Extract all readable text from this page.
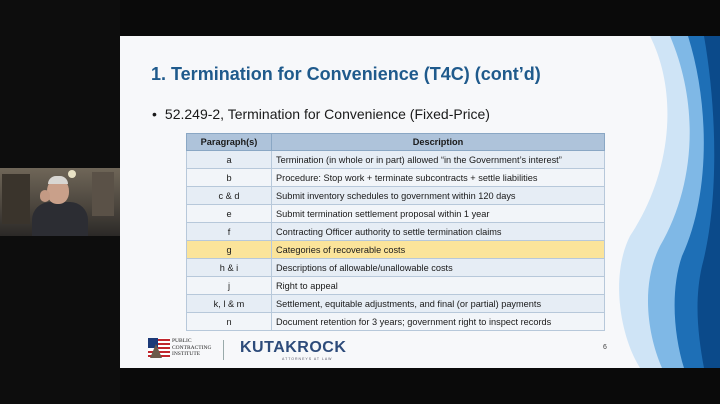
1. Termination for Convenience (T4C) (cont’d)
• 52.249-2, Termination for Convenience (Fixed-Price)
Paragraph(s)	Description
a	Termination (in whole or in part) allowed “in the Government’s interest”
b	Procedure: Stop work + terminate subcontracts + settle liabilities
c & d	Submit inventory schedules to government within 120 days
e	Submit termination settlement proposal within 1 year
f	Contracting Officer authority to settle termination claims
g	Categories of recoverable costs
h & i	Descriptions of allowable/unallowable costs
j	Right to appeal
k, l & m	Settlement, equitable adjustments, and final (or partial) payments
n	Document retention for 3 years; government right to inspect records
PUBLIC
CONTRACTING
INSTITUTE	KUTAKROCK
ATTORNEYS AT LAW
6
